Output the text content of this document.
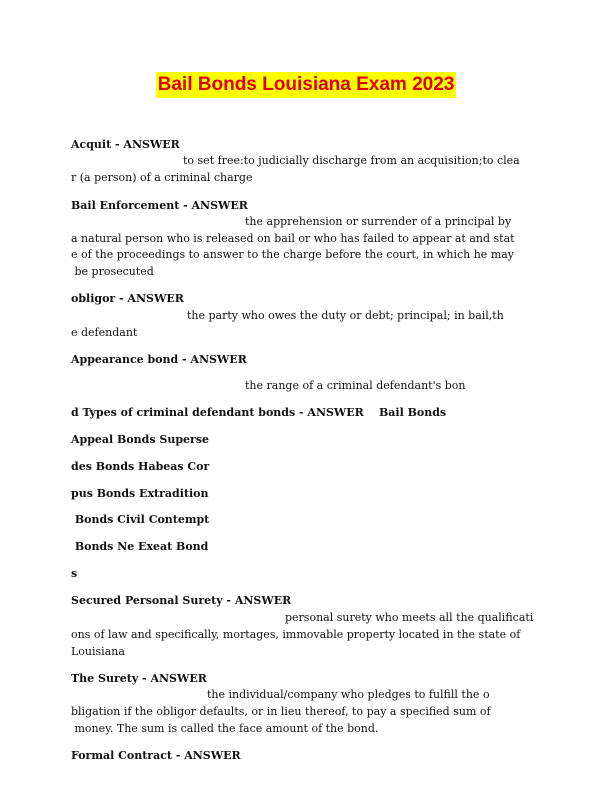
Bail Bonds Louisiana Exam 2023
Acquit - ANSWER
to set free:to judicially discharge from an acquisition;to clea
r (a person) of a criminal charge
Bail Enforcement - ANSWER
the apprehension or surrender of a principal by
a natural person who is released on bail or who has failed to appear at and stat
e of the proceedings to answer to the charge before the court, in which he may
be prosecuted
obligor - ANSWER
the party who owes the duty or debt; principal; in bail,th
e defendant
Appearance bond - ANSWER
the range of a criminal defendant's bon
d Types of criminal defendant bonds - ANSWER Bail Bonds
Appeal Bonds Superse
des Bonds Habeas Cor
pus Bonds Extradition
Bonds Civil Contempt
Bonds Ne Exeat Bond
s
Secured Personal Surety - ANSWER
personal surety who meets all the qualificati
ons of law and specifically, mortages, immovable property located in the state of
Louisiana
The Surety - ANSWER
the individual/company who pledges to fulfill the o
bligation if the obligor defaults, or in lieu thereof, to pay a specified sum of
money. The sum is called the face amount of the bond.
Formal Contract - ANSWER
